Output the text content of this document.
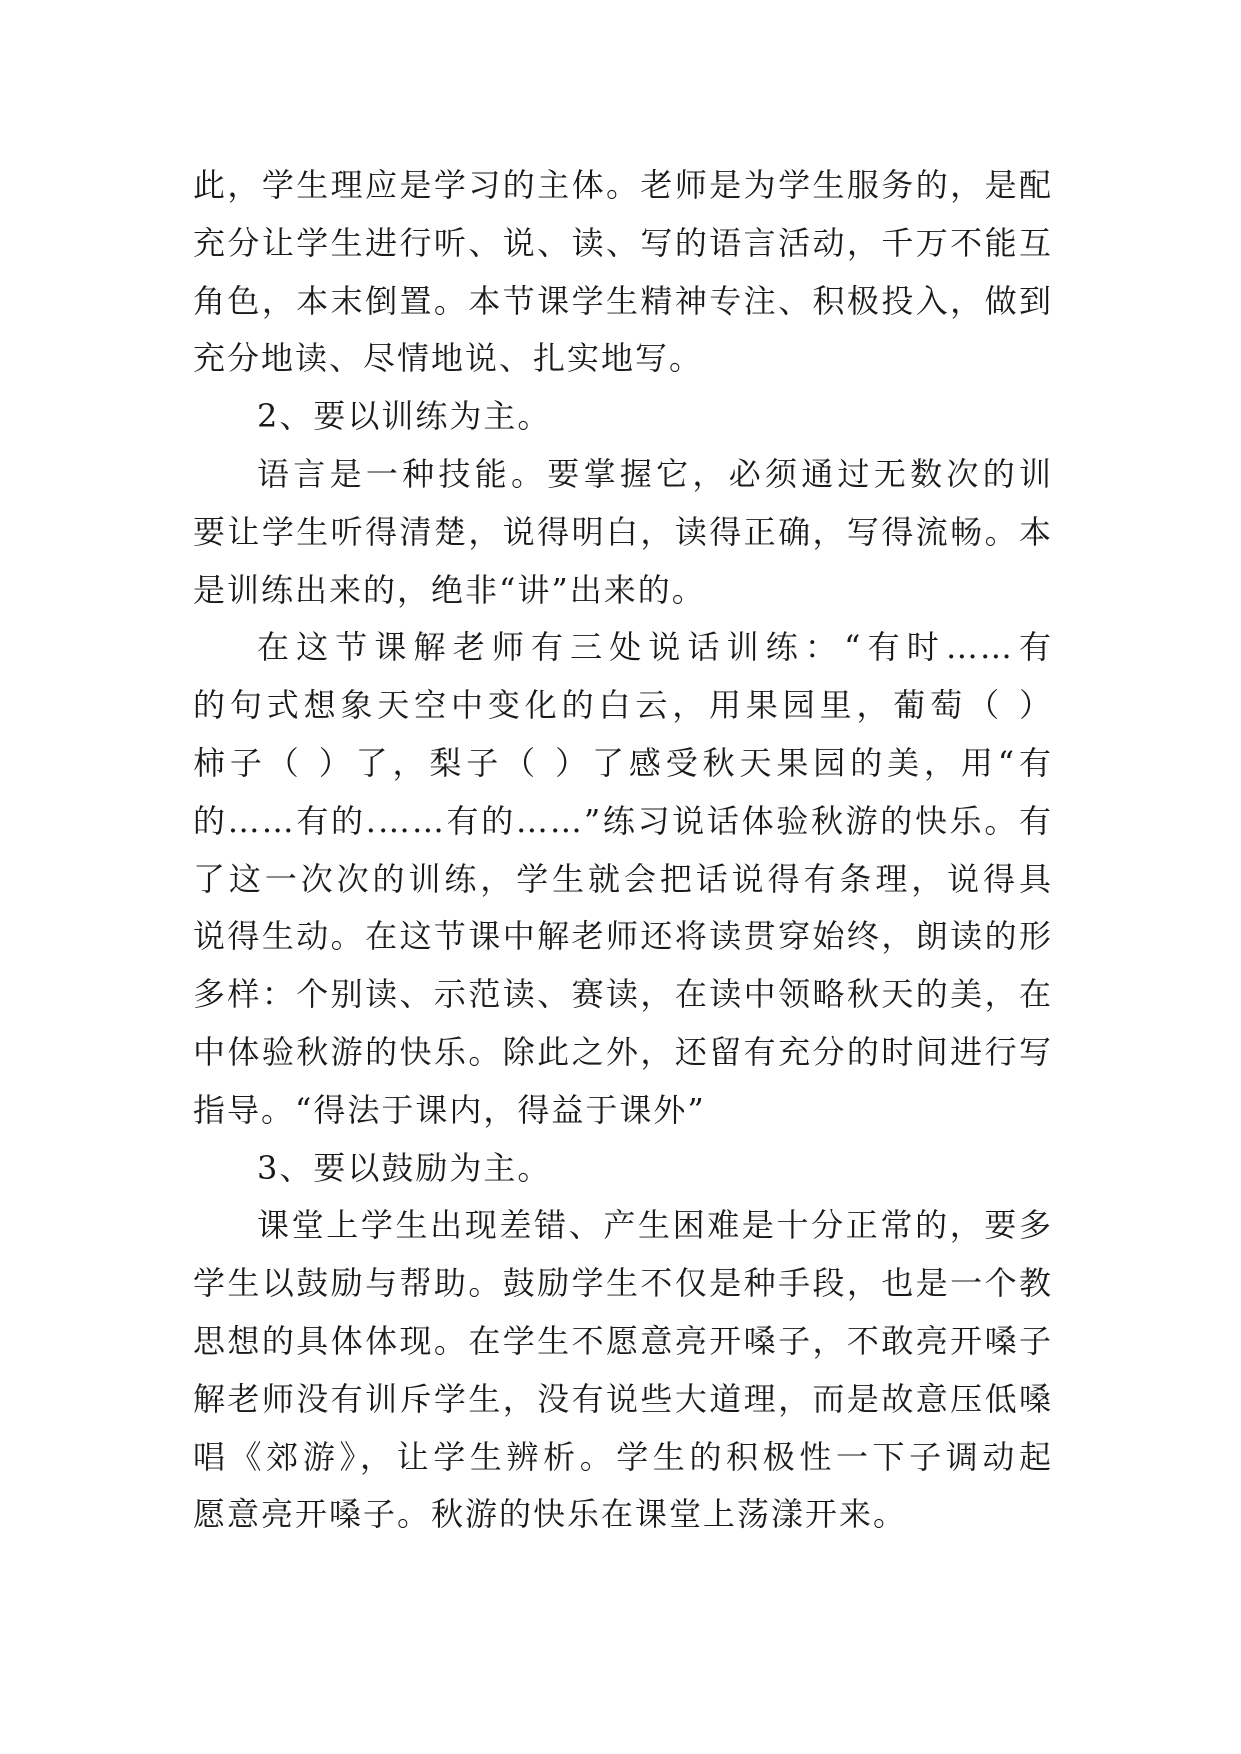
此，学生理应是学习的主体。老师是为学生服务的，是配
充分让学生进行听、说、读、写的语言活动，千万不能互
角色，本末倒置。本节课学生精神专注、积极投入，做到
充分地读、尽情地说、扎实地写。
2、要以训练为主。
语言是一种技能。要掌握它，必须通过无数次的训
要让学生听得清楚，说得明白，读得正确，写得流畅。本
是训练出来的，绝非“讲”出来的。
在这节课解老师有三处说话训练：“有时……有
的句式想象天空中变化的白云，用果园里，葡萄（ ）
柿子（ ）了，梨子（ ）了感受秋天果园的美，用“有
的……有的.……有的……”练习说话体验秋游的快乐。有
了这一次次的训练，学生就会把话说得有条理，说得具
说得生动。在这节课中解老师还将读贯穿始终，朗读的形
多样：个别读、示范读、赛读，在读中领略秋天的美，在
中体验秋游的快乐。除此之外，还留有充分的时间进行写
指导。“得法于课内，得益于课外”
3、要以鼓励为主。
课堂上学生出现差错、产生困难是十分正常的，要多
学生以鼓励与帮助。鼓励学生不仅是种手段，也是一个教
思想的具体体现。在学生不愿意亮开嗓子，不敢亮开嗓子
解老师没有训斥学生，没有说些大道理，而是故意压低嗓
唱《郊游》，让学生辨析。学生的积极性一下子调动起
愿意亮开嗓子。秋游的快乐在课堂上荡漾开来。
